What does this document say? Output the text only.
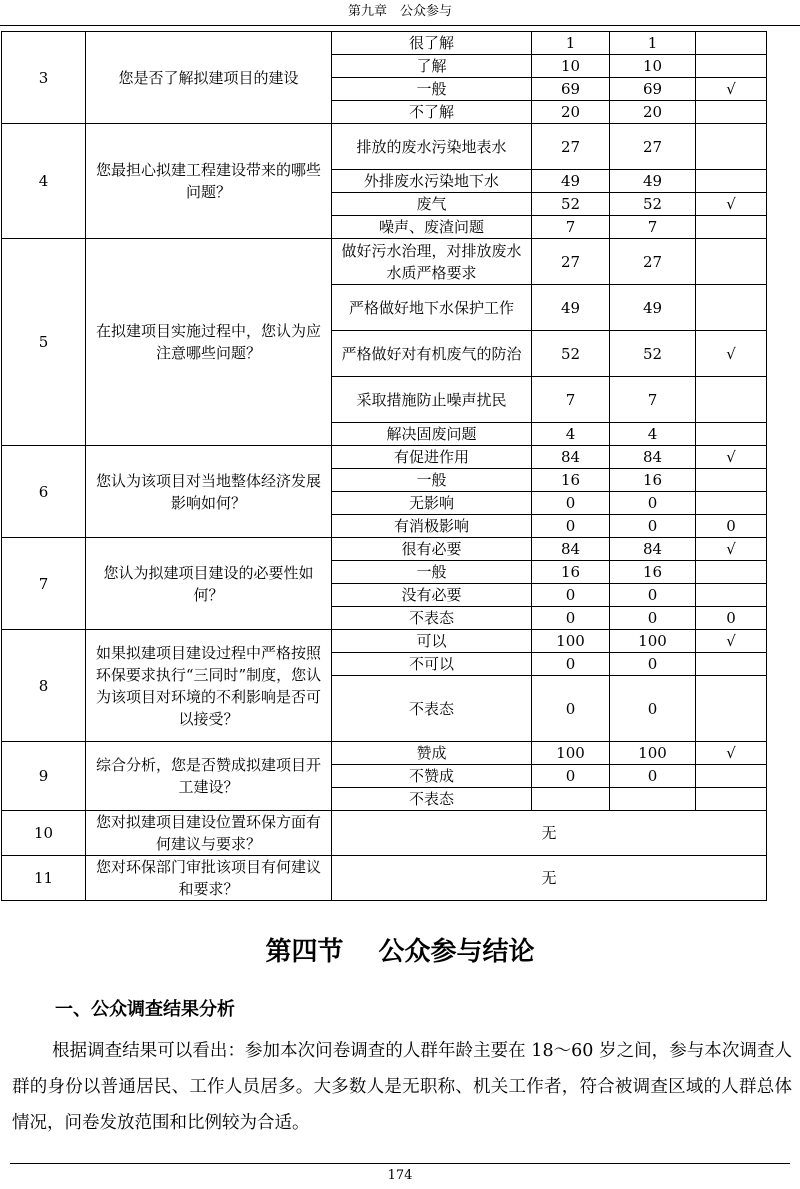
第九章　公众参与
3	您是否了解拟建项目的建设	很了解	1	1	
		了解	10	10	
		一般	69	69	√
		不了解	20	20	
4	您最担心拟建工程建设带来的哪些问题？	排放的废水污染地表水	27	27	
		外排废水污染地下水	49	49	
		废气	52	52	√
		噪声、废渣问题	7	7	
5	在拟建项目实施过程中，您认为应注意哪些问题？	做好污水治理，对排放废水水质严格要求	27	27	
		严格做好地下水保护工作	49	49	
		严格做好对有机废气的防治	52	52	√
		采取措施防止噪声扰民	7	7	
		解决固废问题	4	4	
6	您认为该项目对当地整体经济发展影响如何？	有促进作用	84	84	√
		一般	16	16	
		无影响	0	0	
		有消极影响	0	0	0
7	您认为拟建项目建设的必要性如何？	很有必要	84	84	√
		一般	16	16	
		没有必要	0	0	
		不表态	0	0	0
8	如果拟建项目建设过程中严格按照环保要求执行“三同时”制度，您认为该项目对环境的不利影响是否可以接受？	可以	100	100	√
		不可以	0	0	
		不表态	0	0	
9	综合分析，您是否赞成拟建项目开工建设？	赞成	100	100	√
		不赞成	0	0	
		不表态			
10	您对拟建项目建设位置环保方面有何建议与要求？	无			
11	您对环保部门审批该项目有何建议和要求？	无			
第四节　 公众参与结论
一、公众调查结果分析
根据调查结果可以看出：参加本次问卷调查的人群年龄主要在 18～60 岁之间，参与本次调查人群的身份以普通居民、工作人员居多。大多数人是无职称、机关工作者，符合被调查区域的人群总体情况，问卷发放范围和比例较为合适。
174
